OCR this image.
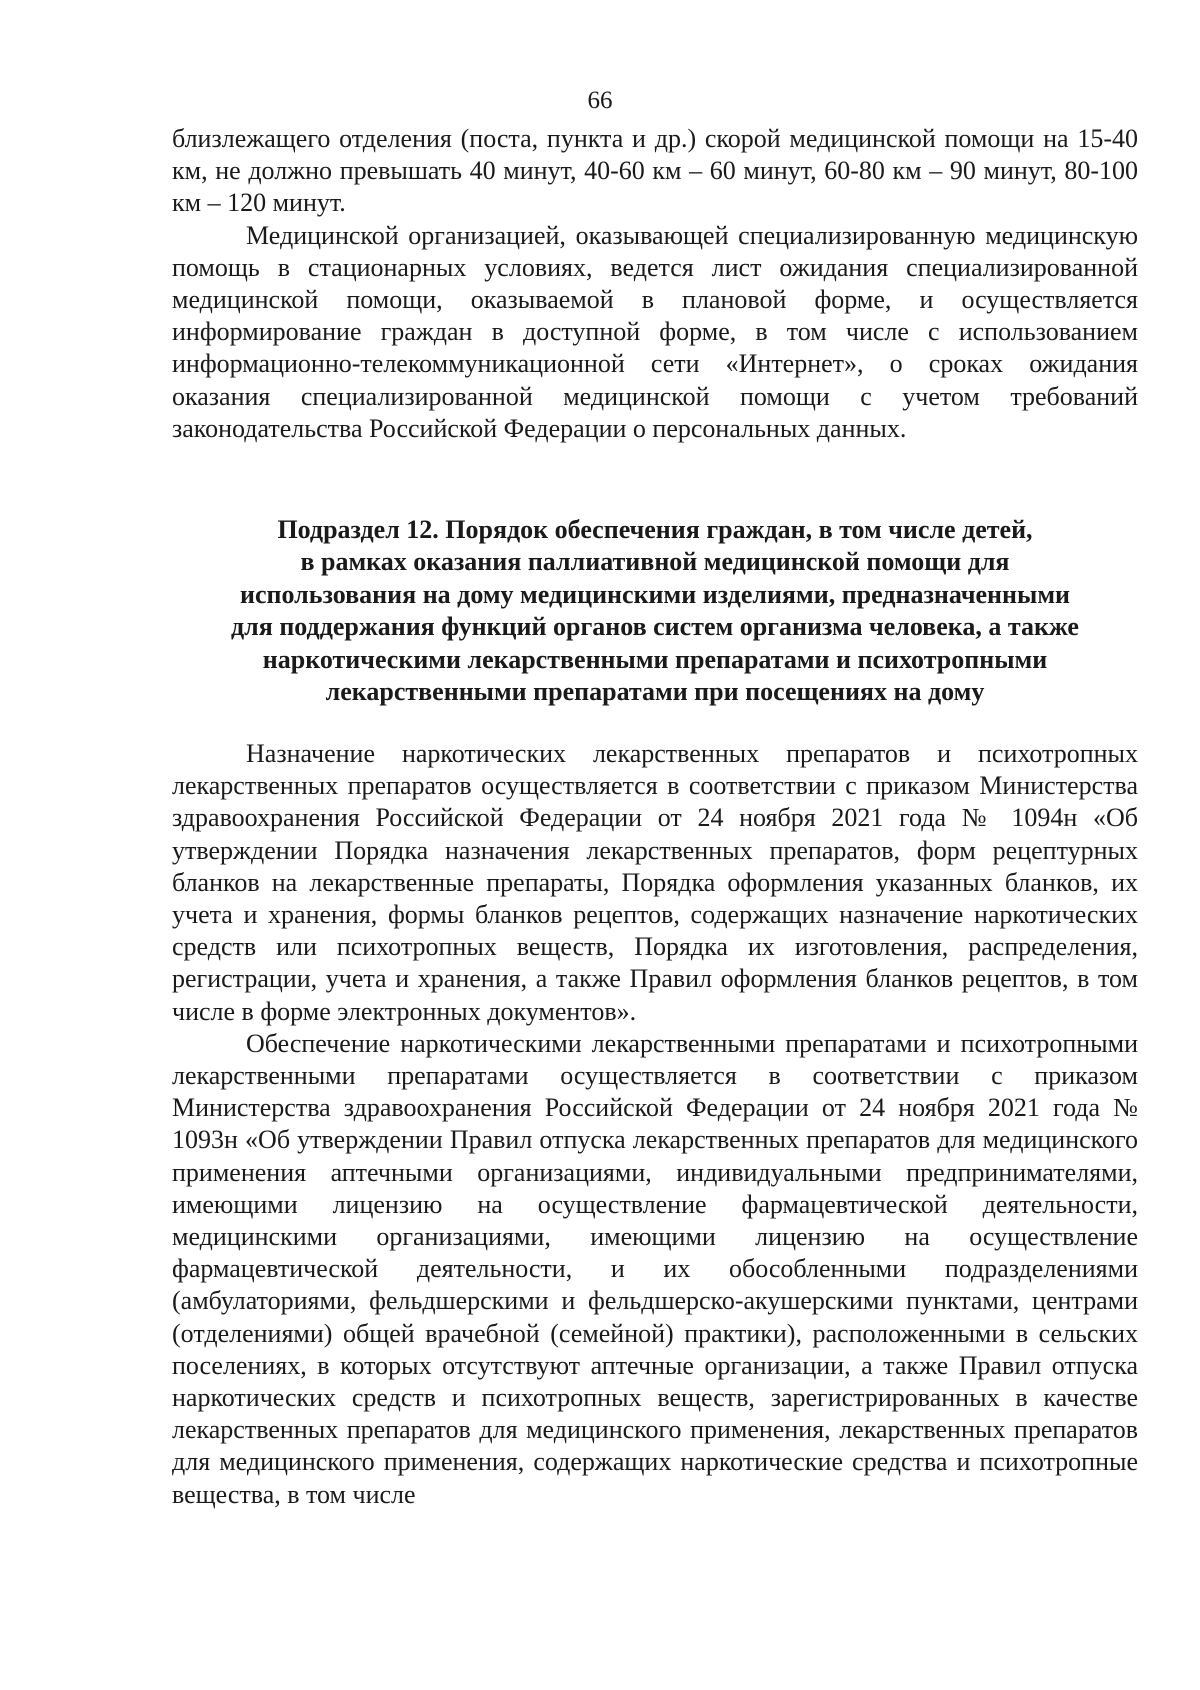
66

близлежащего отделения (поста, пункта и др.) скорой медицинской помощи на 15-40 км, не должно превышать 40 минут, 40-60 км – 60 минут, 60-80 км – 90 минут, 80-100 км – 120 минут.

Медицинской организацией, оказывающей специализированную медицинскую помощь в стационарных условиях, ведется лист ожидания специализированной медицинской помощи, оказываемой в плановой форме, и осуществляется информирование граждан в доступной форме, в том числе с использованием информационно-телекоммуникационной сети «Интернет», о сроках ожидания оказания специализированной медицинской помощи с учетом требований законодательства Российской Федерации о персональных данных.

Подраздел 12. Порядок обеспечения граждан, в том числе детей,
в рамках оказания паллиативной медицинской помощи для
использования на дому медицинскими изделиями, предназначенными
для поддержания функций органов систем организма человека, а также
наркотическими лекарственными препаратами и психотропными
лекарственными препаратами при посещениях на дому

Назначение наркотических лекарственных препаратов и психотропных лекарственных препаратов осуществляется в соответствии с приказом Министерства здравоохранения Российской Федерации от 24 ноября 2021 года № 1094н «Об утверждении Порядка назначения лекарственных препаратов, форм рецептурных бланков на лекарственные препараты, Порядка оформления указанных бланков, их учета и хранения, формы бланков рецептов, содержащих назначение наркотических средств или психотропных веществ, Порядка их изготовления, распределения, регистрации, учета и хранения, а также Правил оформления бланков рецептов, в том числе в форме электронных документов».

Обеспечение наркотическими лекарственными препаратами и психотропными лекарственными препаратами осуществляется в соответствии с приказом Министерства здравоохранения Российской Федерации от 24 ноября 2021 года № 1093н «Об утверждении Правил отпуска лекарственных препаратов для медицинского применения аптечными организациями, индивидуальными предпринимателями, имеющими лицензию на осуществление фармацевтической деятельности, медицинскими организациями, имеющими лицензию на осуществление фармацевтической деятельности, и их обособленными подразделениями (амбулаториями, фельдшерскими и фельдшерско-акушерскими пунктами, центрами (отделениями) общей врачебной (семейной) практики), расположенными в сельских поселениях, в которых отсутствуют аптечные организации, а также Правил отпуска наркотических средств и психотропных веществ, зарегистрированных в качестве лекарственных препаратов для медицинского применения, лекарственных препаратов для медицинского применения, содержащих наркотические средства и психотропные вещества, в том числе
